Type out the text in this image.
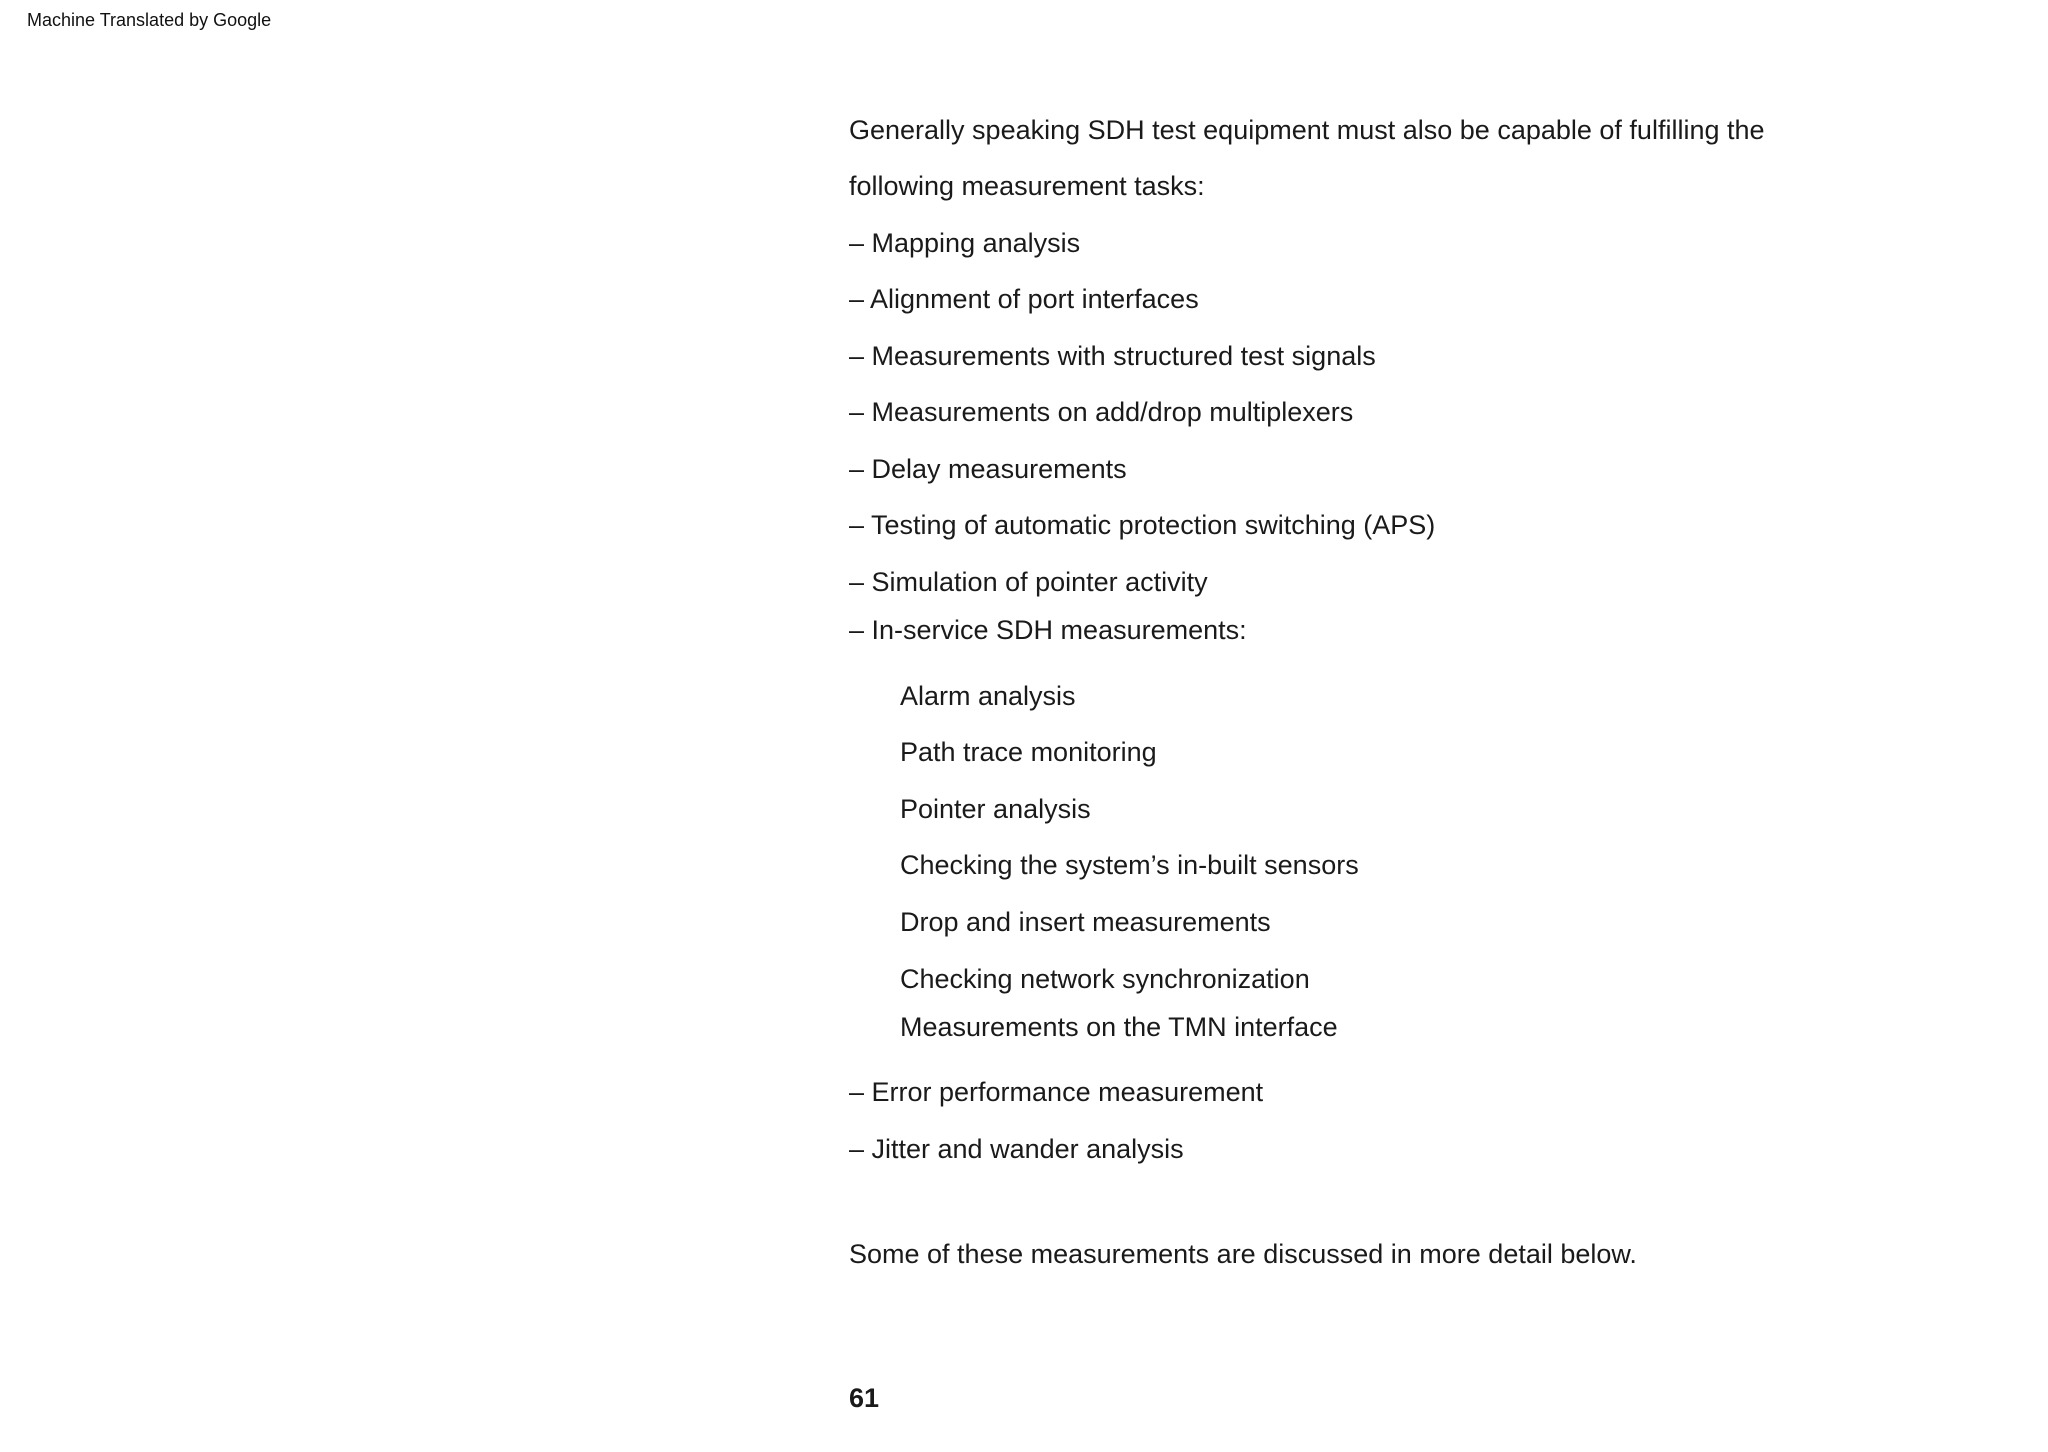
Machine Translated by Google
Generally speaking SDH test equipment must also be capable of fulfilling the
following measurement tasks:
– Mapping analysis
– Alignment of port interfaces
– Measurements with structured test signals
– Measurements on add/drop multiplexers
– Delay measurements
– Testing of automatic protection switching (APS)
– Simulation of pointer activity
– In-service SDH measurements:
Alarm analysis
Path trace monitoring
Pointer analysis
Checking the system’s in-built sensors
Drop and insert measurements
Checking network synchronization
Measurements on the TMN interface
– Error performance measurement
– Jitter and wander analysis
Some of these measurements are discussed in more detail below.
61
